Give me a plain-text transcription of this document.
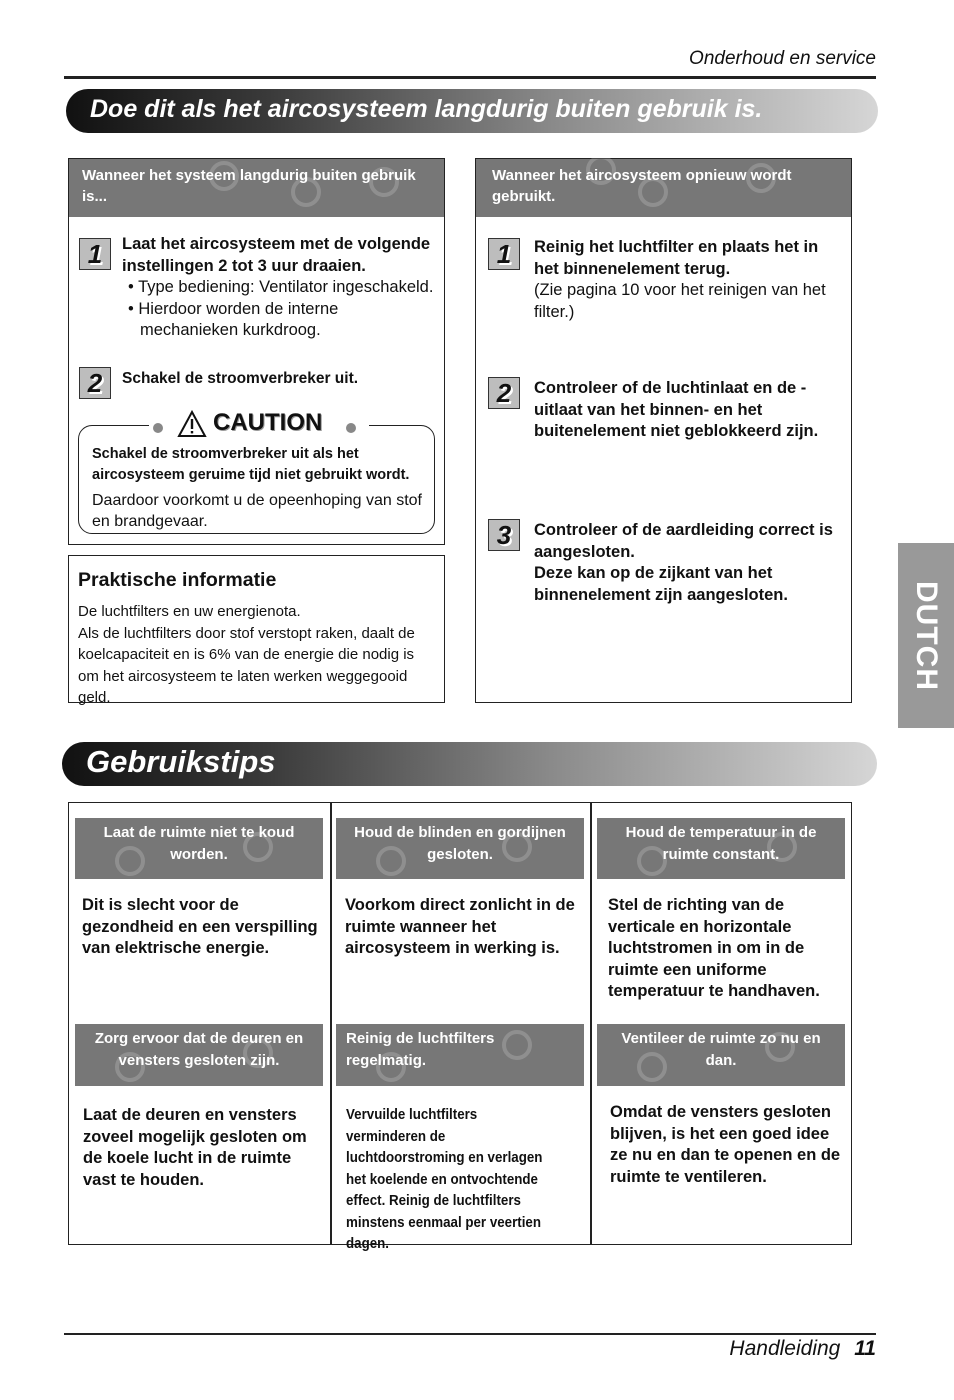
Onderhoud en service
Doe dit als het aircosysteem langdurig buiten gebruik is.
Wanneer het systeem langdurig buiten gebruik is...
1	Laat het aircosysteem met de volgende instellingen 2 tot 3 uur draaien.

• Type bediening: Ventilator ingeschakeld.

• Hierdoor worden de interne mechanieken kurkdroog.

2	Schakel de stroomverbreker uit.
CAUTION
Schakel de stroomverbreker uit als het aircosysteem geruime tijd niet gebruikt wordt.
Daardoor voorkomt u de opeenhoping van stof en brandgevaar.
Praktische informatie
De luchtfilters en uw energienota.
Als de luchtfilters door stof verstopt raken, daalt de koelcapaciteit en is 6% van de energie die nodig is om het aircosysteem te laten werken weggegooid geld.
Wanneer het aircosysteem opnieuw wordt gebruikt.
1	Reinig het luchtfilter en plaats het in het binnenelement terug.
(Zie pagina 10 voor het reinigen van het filter.)
2	Controleer of de luchtinlaat en de -uitlaat van het binnen- en het buitenelement niet geblokkeerd zijn.
3	Controleer of de aardleiding correct is aangesloten.
Deze kan op de zijkant van het binnenelement zijn aangesloten.
Gebruikstips
Laat de ruimte niet te koud worden.
Dit is slecht voor de gezondheid en een verspilling van elektrische energie.
Houd de blinden en gordijnen gesloten.
Voorkom direct zonlicht in de ruimte wanneer het aircosysteem in werking is.
Houd de temperatuur in de ruimte constant.
Stel de richting van de verticale en horizontale luchtstromen in om in de ruimte een uniforme temperatuur te handhaven.
Zorg ervoor dat de deuren en vensters gesloten zijn.
Laat de deuren en vensters zoveel mogelijk gesloten om de koele lucht in de ruimte vast te houden.
Reinig de luchtfilters regelmatig.
Vervuilde luchtfilters verminderen de luchtdoorstroming en verlagen het koelende en ontvochtende effect. Reinig de luchtfilters minstens eenmaal per veertien dagen.
Ventileer de ruimte zo nu en dan.
Omdat de vensters gesloten blijven, is het een goed idee ze nu en dan te openen en de ruimte te ventileren.
DUTCH
Handleiding 11
